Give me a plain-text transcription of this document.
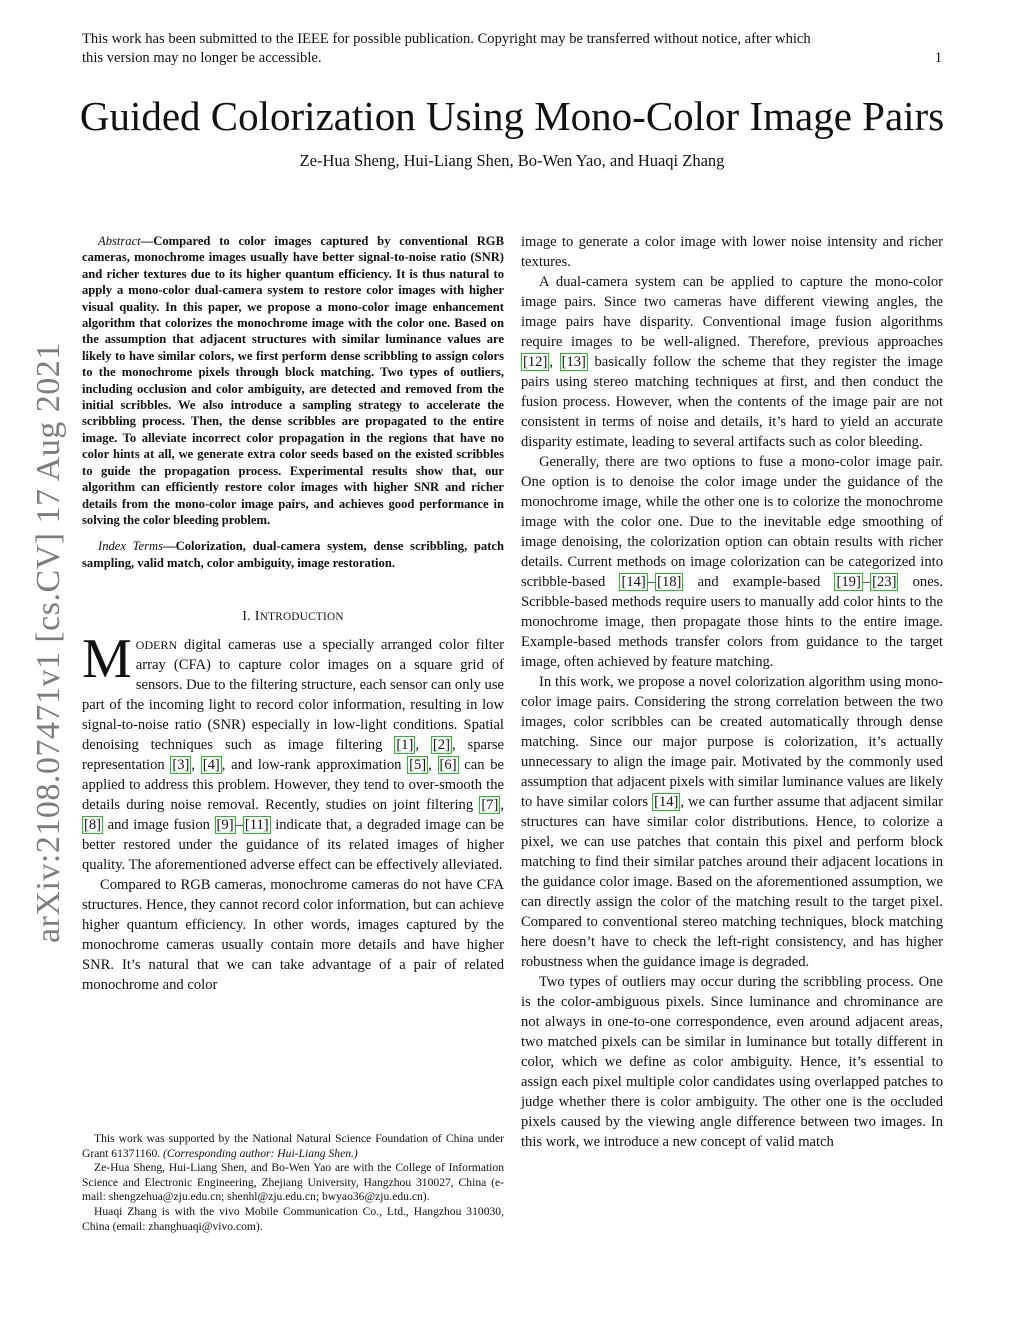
This work has been submitted to the IEEE for possible publication. Copyright may be transferred without notice, after which
this version may no longer be accessible.	1
Guided Colorization Using Mono-Color Image Pairs
Ze-Hua Sheng, Hui-Liang Shen, Bo-Wen Yao, and Huaqi Zhang
arXiv:2108.07471v1 [cs.CV] 17 Aug 2021

Abstract—Compared to color images captured by conventional RGB cameras, monochrome images usually have better signal-to-noise ratio (SNR) and richer textures due to its higher quantum efficiency. It is thus natural to apply a mono-color dual-camera system to restore color images with higher visual quality. In this paper, we propose a mono-color image enhancement algorithm that colorizes the monochrome image with the color one. Based on the assumption that adjacent structures with similar luminance values are likely to have similar colors, we first perform dense scribbling to assign colors to the monochrome pixels through block matching. Two types of outliers, including occlusion and color ambiguity, are detected and removed from the initial scribbles. We also introduce a sampling strategy to accelerate the scribbling process. Then, the dense scribbles are propagated to the entire image. To alleviate incorrect color propagation in the regions that have no color hints at all, we generate extra color seeds based on the existed scribbles to guide the propagation process. Experimental results show that, our algorithm can efficiently restore color images with higher SNR and richer details from the mono-color image pairs, and achieves good performance in solving the color bleeding problem.

Index Terms—Colorization, dual-camera system, dense scribbling, patch sampling, valid match, color ambiguity, image restoration.

I. INTRODUCTION

MODERN digital cameras use a specially arranged color filter array (CFA) to capture color images on a square grid of sensors. Due to the filtering structure, each sensor can only use part of the incoming light to record color information, resulting in low signal-to-noise ratio (SNR) especially in low-light conditions. Spatial denoising techniques such as image filtering [1] , [2] , sparse representation [3] , [4] , and low-rank approximation [5] , [6] can be applied to address this problem. However, they tend to over-smooth the details during noise removal. Recently, studies on joint filtering [7] , [8] and image fusion [9] – [11] indicate that, a degraded image can be better restored under the guidance of its related images of higher quality. The aforementioned adverse effect can be effectively alleviated.

Compared to RGB cameras, monochrome cameras do not have CFA structures. Hence, they cannot record color information, but can achieve higher quantum efficiency. In other words, images captured by the monochrome cameras usually contain more details and have higher SNR. It’s natural that we can take advantage of a pair of related monochrome and color

This work was supported by the National Natural Science Foundation of China under Grant 61371160. (Corresponding author: Hui-Liang Shen.)

Ze-Hua Sheng, Hui-Liang Shen, and Bo-Wen Yao are with the College of Information Science and Electronic Engineering, Zhejiang University, Hangzhou 310027, China (e-mail: shengzehua@zju.edu.cn; shenhl@zju.edu.cn; bwyao36@zju.edu.cn).

Huaqi Zhang is with the vivo Mobile Communication Co., Ltd., Hangzhou 310030, China (email: zhanghuaqi@vivo.com).

image to generate a color image with lower noise intensity and richer textures.

A dual-camera system can be applied to capture the mono-color image pairs. Since two cameras have different viewing angles, the image pairs have disparity. Conventional image fusion algorithms require images to be well-aligned. Therefore, previous approaches [12] , [13] basically follow the scheme that they register the image pairs using stereo matching techniques at first, and then conduct the fusion process. However, when the contents of the image pair are not consistent in terms of noise and details, it’s hard to yield an accurate disparity estimate, leading to several artifacts such as color bleeding.

Generally, there are two options to fuse a mono-color image pair. One option is to denoise the color image under the guidance of the monochrome image, while the other one is to colorize the monochrome image with the color one. Due to the inevitable edge smoothing of image denoising, the colorization option can obtain results with richer details. Current methods on image colorization can be categorized into scribble-based [14] – [18] and example-based [19] – [23] ones. Scribble-based methods require users to manually add color hints to the monochrome image, then propagate those hints to the entire image. Example-based methods transfer colors from guidance to the target image, often achieved by feature matching.

In this work, we propose a novel colorization algorithm using mono-color image pairs. Considering the strong correlation between the two images, color scribbles can be created automatically through dense matching. Since our major purpose is colorization, it’s actually unnecessary to align the image pair. Motivated by the commonly used assumption that adjacent pixels with similar luminance values are likely to have similar colors [14] , we can further assume that adjacent similar structures can have similar color distributions. Hence, to colorize a pixel, we can use patches that contain this pixel and perform block matching to find their similar patches around their adjacent locations in the guidance color image. Based on the aforementioned assumption, we can directly assign the color of the matching result to the target pixel. Compared to conventional stereo matching techniques, block matching here doesn’t have to check the left-right consistency, and has higher robustness when the guidance image is degraded.

Two types of outliers may occur during the scribbling process. One is the color-ambiguous pixels. Since luminance and chrominance are not always in one-to-one correspondence, even around adjacent areas, two matched pixels can be similar in luminance but totally different in color, which we define as color ambiguity. Hence, it’s essential to assign each pixel multiple color candidates using overlapped patches to judge whether there is color ambiguity. The other one is the occluded pixels caused by the viewing angle difference between two images. In this work, we introduce a new concept of valid match
